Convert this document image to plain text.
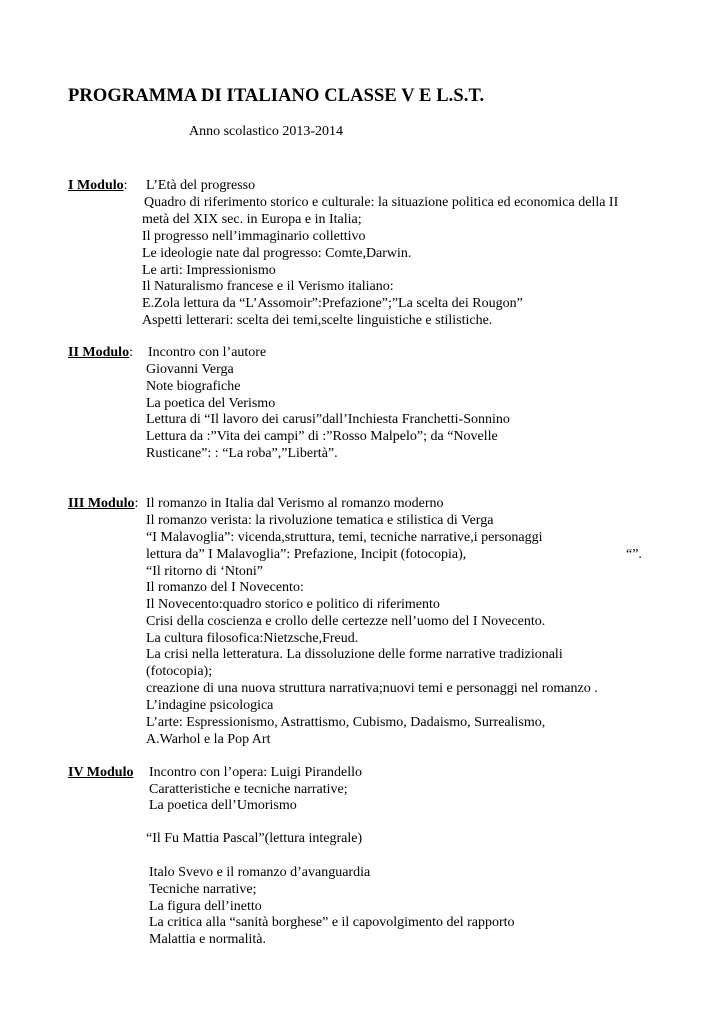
PROGRAMMA DI ITALIANO CLASSE V E L.S.T.
Anno scolastico 2013-2014
I Modulo: L’Età del progresso
Quadro di riferimento storico e culturale: la situazione politica ed economica della II
metà del XIX sec. in Europa e in Italia;
Il progresso nell’immaginario collettivo
Le ideologie nate dal progresso: Comte,Darwin.
Le arti: Impressionismo
Il Naturalismo francese e il Verismo italiano:
E.Zola lettura da “L’Assomoir”:Prefazione”;”La scelta dei Rougon”
Aspetti letterari: scelta dei temi,scelte linguistiche e stilistiche.
II Modulo: Incontro con l’autore
Giovanni Verga
Note biografiche
La poetica del Verismo
Lettura di “Il lavoro dei carusi”dall’Inchiesta Franchetti-Sonnino
Lettura da :”Vita dei campi” di :”Rosso Malpelo”; da “Novelle
Rusticane”: : “La roba”,”Libertà”.
III Modulo: Il romanzo in Italia dal Verismo al romanzo moderno
Il romanzo verista: la rivoluzione tematica e stilistica di Verga
“I Malavoglia”: vicenda,struttura, temi, tecniche narrative,i personaggi
lettura da” I Malavoglia”: Prefazione, Incipit (fotocopia),	“”.
“Il ritorno di ‘Ntoni”
Il romanzo del I Novecento:
Il Novecento:quadro storico e politico di riferimento
Crisi della coscienza e crollo delle certezze nell’uomo del I Novecento.
La cultura filosofica:Nietzsche,Freud.
La crisi nella letteratura. La dissoluzione delle forme narrative tradizionali
(fotocopia);
creazione di una nuova struttura narrativa;nuovi temi e personaggi nel romanzo .
L’indagine psicologica
L’arte: Espressionismo, Astrattismo, Cubismo, Dadaismo, Surrealismo,
A.Warhol e la Pop Art
IV Modulo Incontro con l’opera: Luigi Pirandello
Caratteristiche e tecniche narrative;
La poetica dell’Umorismo
“Il Fu Mattia Pascal”(lettura integrale)
Italo Svevo e il romanzo d’avanguardia
Tecniche narrative;
La figura dell’inetto
La critica alla “sanità borghese” e il capovolgimento del rapporto
Malattia e normalità.
